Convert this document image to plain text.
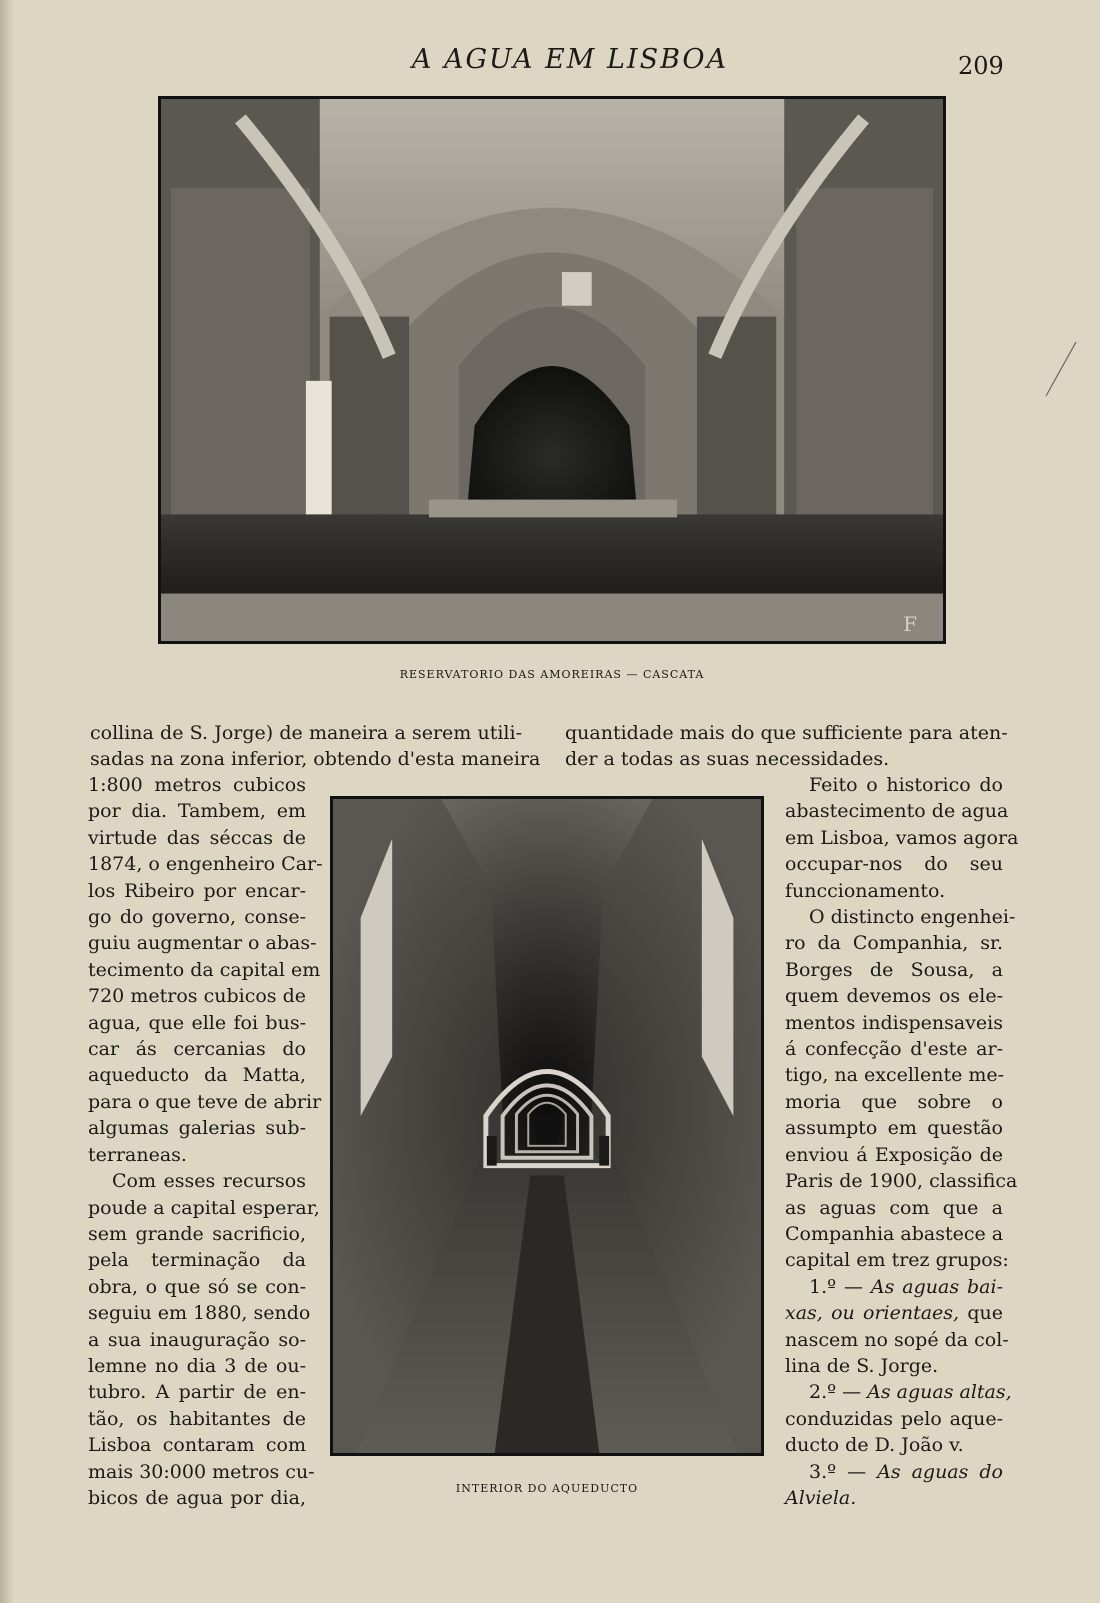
A AGUA EM LISBOA	209
F
RESERVATORIO DAS AMOREIRAS — CASCATA
collina de S. Jorge) de maneira a serem utili-
sadas na zona inferior, obtendo d'esta maneira
quantidade mais do que sufficiente para aten-
der a todas as suas necessidades.
INTERIOR DO AQUEDUCTO
1:800 metros cubicos
por dia. Tambem, em
virtude das séccas de
1874, o engenheiro Car-
los Ribeiro por encar-
go do governo, conse-
guiu augmentar o abas-
tecimento da capital em
720 metros cubicos de
agua, que elle foi bus-
car ás cercanias do
aqueducto da Matta,
para o que teve de abrir
algumas galerias sub-
terraneas.
Com esses recursos
poude a capital esperar,
sem grande sacrificio,
pela terminação da
obra, o que só se con-
seguiu em 1880, sendo
a sua inauguração so-
lemne no dia 3 de ou-
tubro. A partir de en-
tão, os habitantes de
Lisboa contaram com
mais 30:000 metros cu-
bicos de agua por dia,
Feito o historico do
abastecimento de agua
em Lisboa, vamos agora
occupar-nos do seu
funccionamento.
O distincto engenhei-
ro da Companhia, sr.
Borges de Sousa, a
quem devemos os ele-
mentos indispensaveis
á confecção d'este ar-
tigo, na excellente me-
moria que sobre o
assumpto em questão
enviou á Exposição de
Paris de 1900, classifica
as aguas com que a
Companhia abastece a
capital em trez grupos:
1.º — As aguas bai-
xas, ou orientaes, que
nascem no sopé da col-
lina de S. Jorge.
2.º — As aguas altas,
conduzidas pelo aque-
ducto de D. João v.
3.º — As aguas do
Alviela.
